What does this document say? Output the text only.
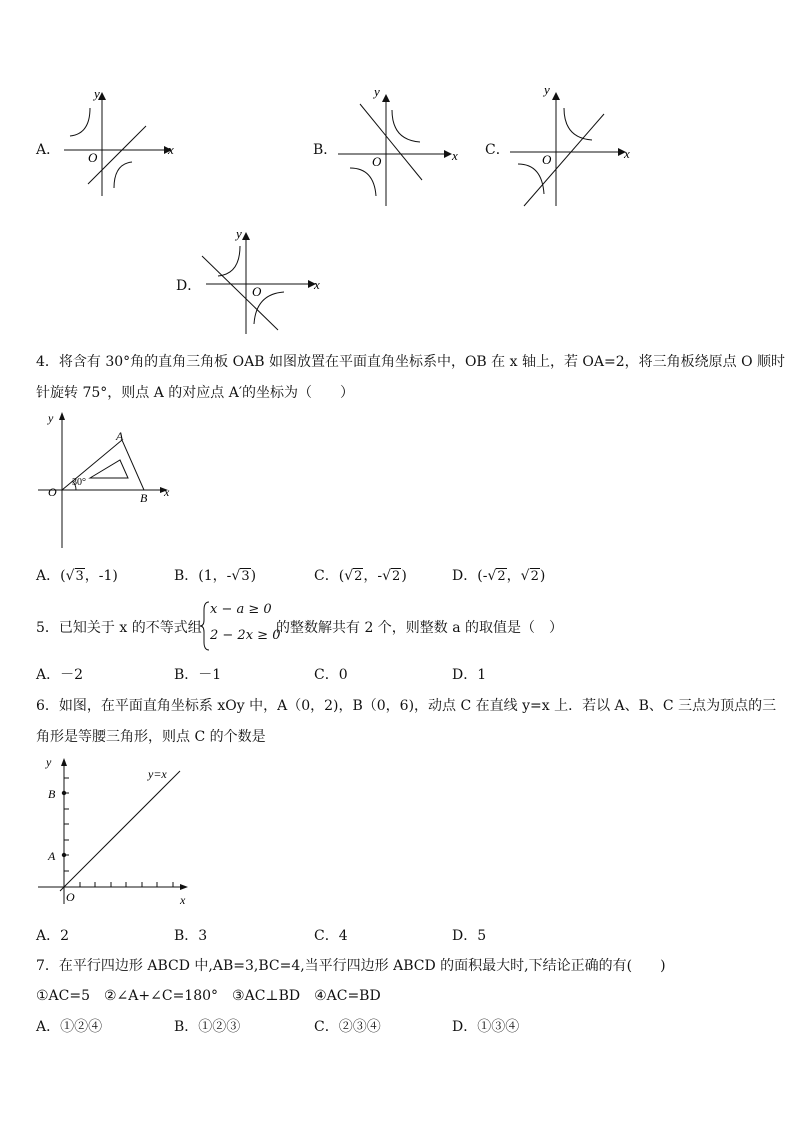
A．
y
x
O	B．
y
x
O
C．
y
x
O
D．
y
x
O
4．将含有 30°角的直角三角板 OAB 如图放置在平面直角坐标系中，OB 在 x 轴上，若 OA=2，将三角板绕原点 O 顺时
针旋转 75°，则点 A 的对应点 A′的坐标为（　　）
y
x
O
A
B
30°
A．(√3，-1)	B．(1，-√3)	C．(√2，-√2)	D．(-√2，√2)
5．已知关于 x 的不等式组
x − a ≥ 0
2 − 2x ≥ 0
的整数解共有 2 个，则整数 a 的取值是（　）
A．－2	B．－1	C．0	D．1
6．如图，在平面直角坐标系 xOy 中，A（0，2)，B（0，6)，动点 C 在直线 y=x 上．若以 A、B、C 三点为顶点的三
角形是等腰三角形，则点 C 的个数是
y
x
O
A
B
y=x
A．2	B．3	C．4	D．5
7．在平行四边形 ABCD 中,AB=3,BC=4,当平行四边形 ABCD 的面积最大时,下结论正确的有(　　)
①AC=5　②∠A+∠C=180°　③AC⊥BD　④AC=BD
A．①②④	B．①②③	C．②③④	D．①③④
